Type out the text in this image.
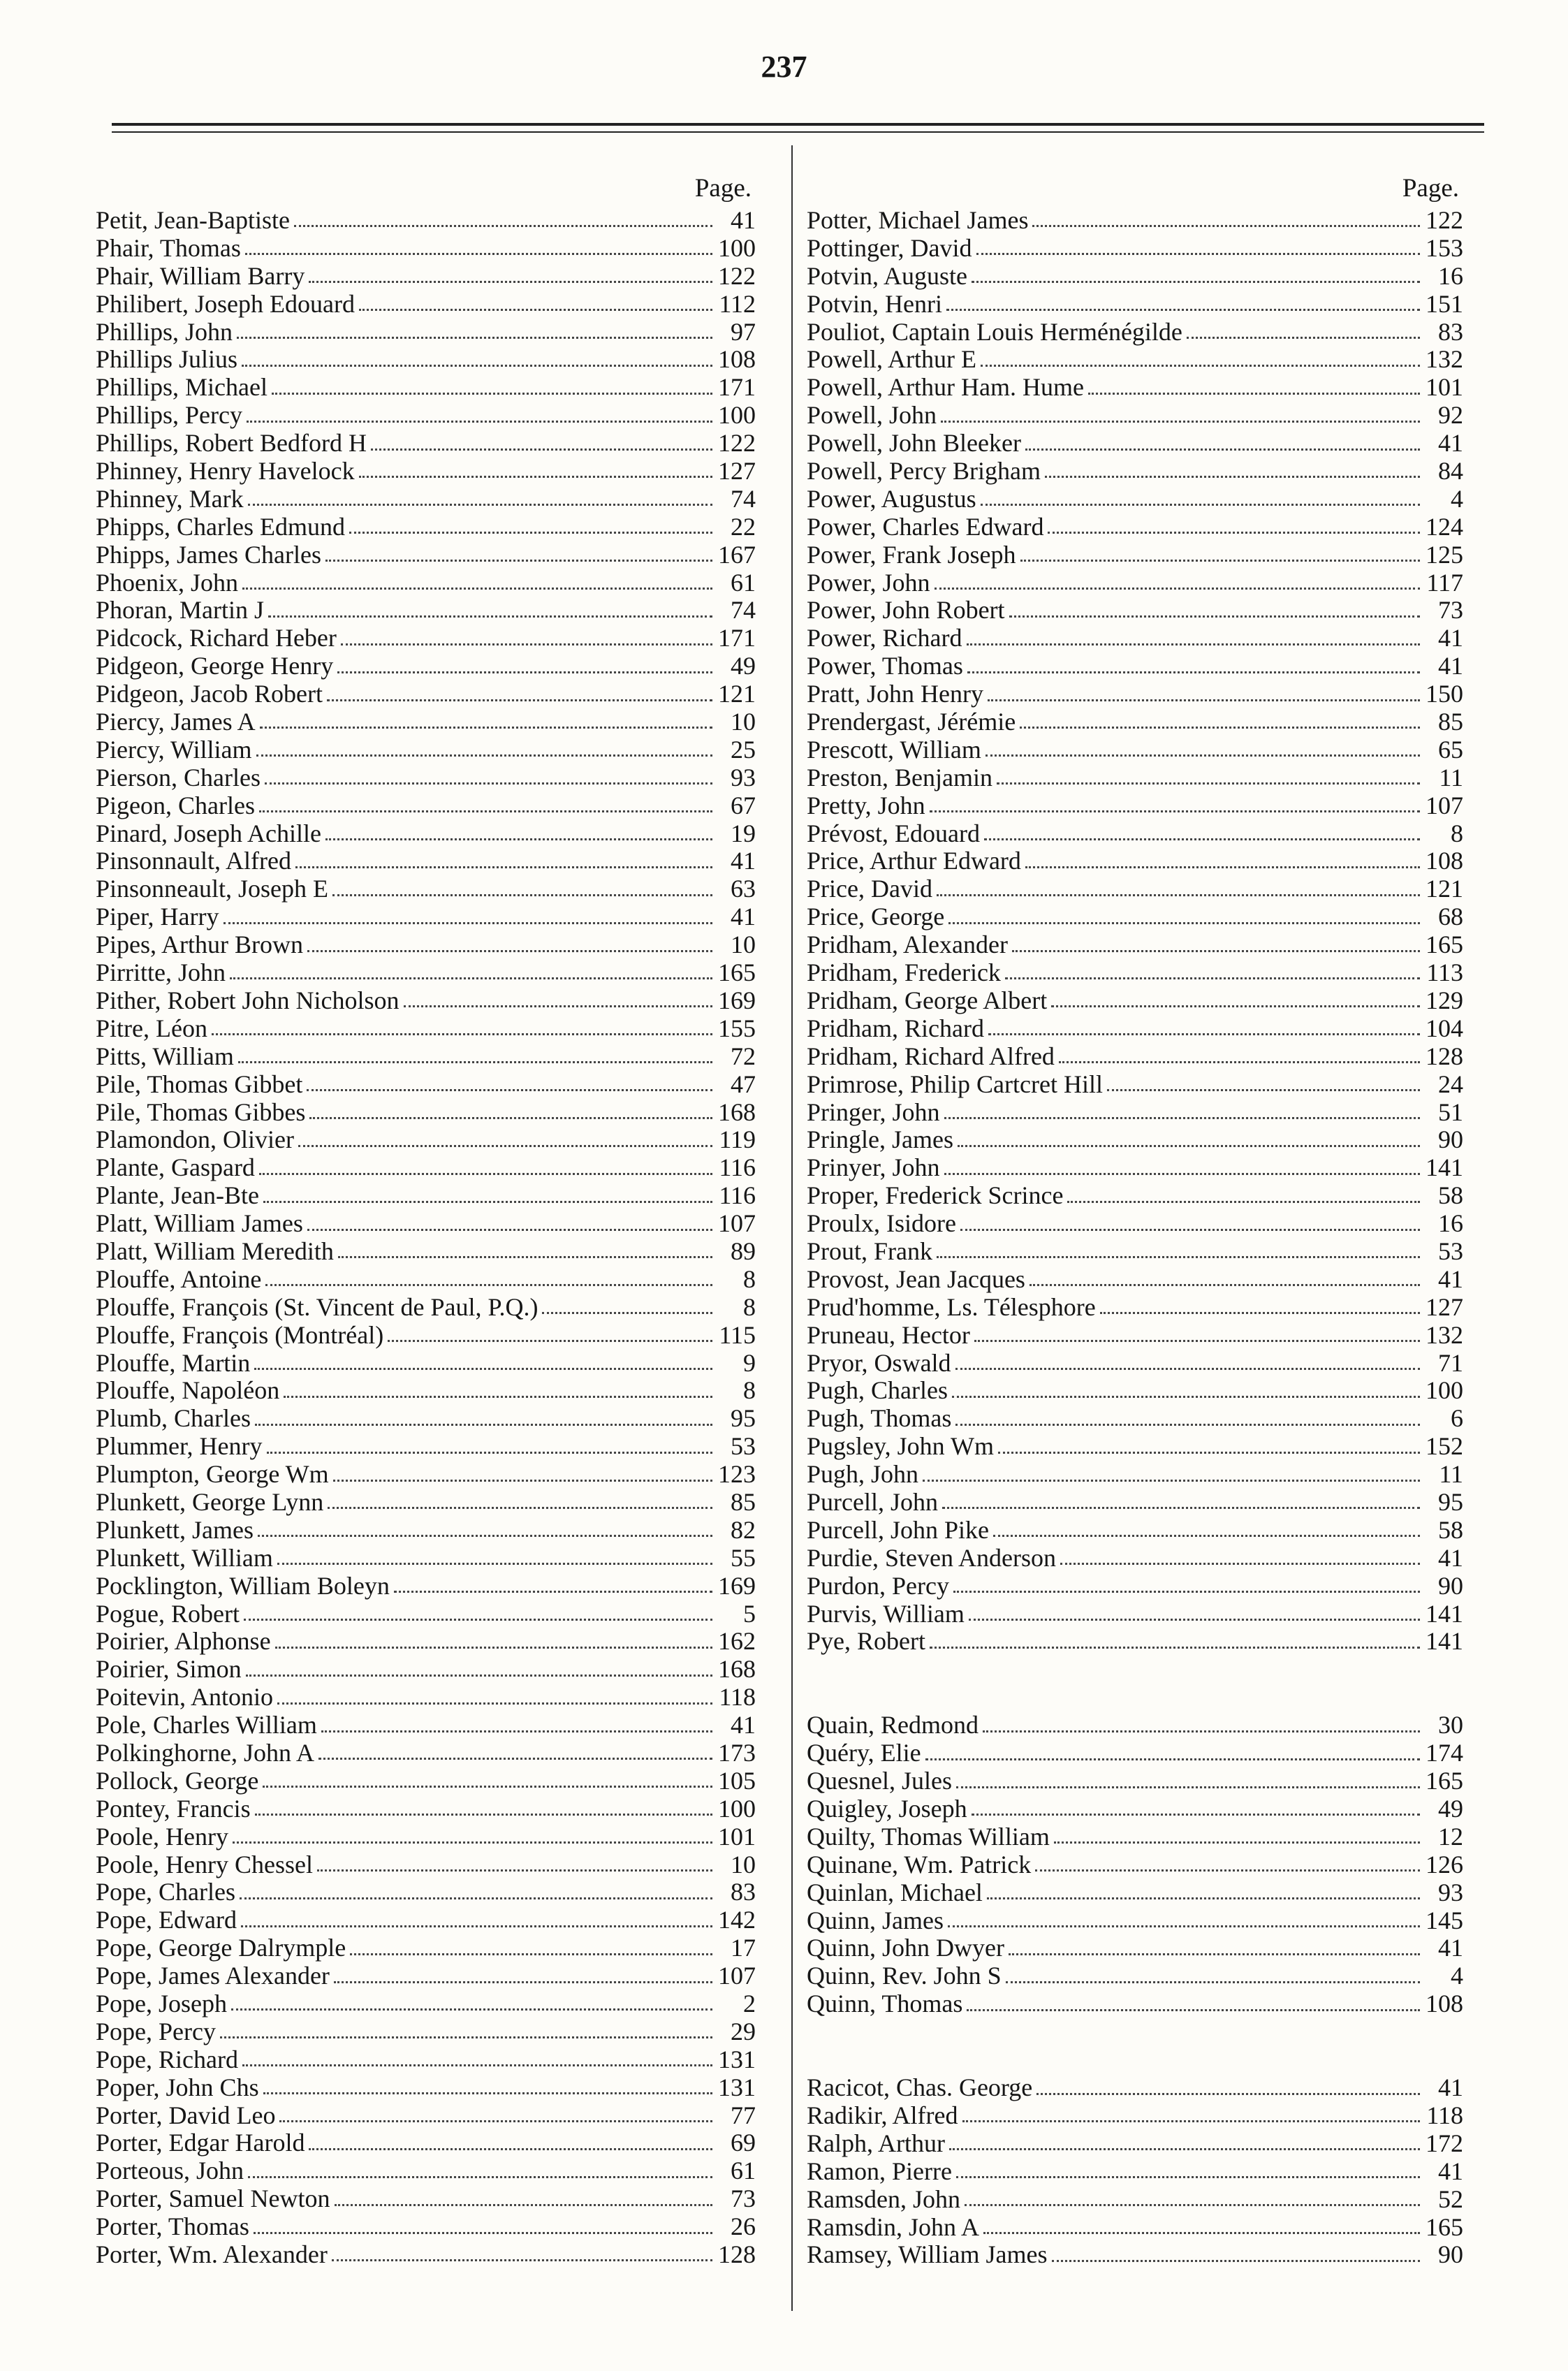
237
Page.
Petit, Jean-Baptiste	41
Phair, Thomas	100
Phair, William Barry	122
Philibert, Joseph Edouard	112
Phillips, John	97
Phillips Julius	108
Phillips, Michael	171
Phillips, Percy	100
Phillips, Robert Bedford H	122
Phinney, Henry Havelock	127
Phinney, Mark	74
Phipps, Charles Edmund	22
Phipps, James Charles	167
Phoenix, John	61
Phoran, Martin J	74
Pidcock, Richard Heber	171
Pidgeon, George Henry	49
Pidgeon, Jacob Robert	121
Piercy, James A	10
Piercy, William	25
Pierson, Charles	93
Pigeon, Charles	67
Pinard, Joseph Achille	19
Pinsonnault, Alfred	41
Pinsonneault, Joseph E	63
Piper, Harry	41
Pipes, Arthur Brown	10
Pirritte, John	165
Pither, Robert John Nicholson	169
Pitre, Léon	155
Pitts, William	72
Pile, Thomas Gibbet	47
Pile, Thomas Gibbes	168
Plamondon, Olivier	119
Plante, Gaspard	116
Plante, Jean-Bte	116
Platt, William James	107
Platt, William Meredith	89
Plouffe, Antoine	8
Plouffe, François (St. Vincent de Paul, P.Q.)	8
Plouffe, François (Montréal)	115
Plouffe, Martin	9
Plouffe, Napoléon	8
Plumb, Charles	95
Plummer, Henry	53
Plumpton, George Wm	123
Plunkett, George Lynn	85
Plunkett, James	82
Plunkett, William	55
Pocklington, William Boleyn	169
Pogue, Robert	5
Poirier, Alphonse	162
Poirier, Simon	168
Poitevin, Antonio	118
Pole, Charles William	41
Polkinghorne, John A	173
Pollock, George	105
Pontey, Francis	100
Poole, Henry	101
Poole, Henry Chessel	10
Pope, Charles	83
Pope, Edward	142
Pope, George Dalrymple	17
Pope, James Alexander	107
Pope, Joseph	2
Pope, Percy	29
Pope, Richard	131
Poper, John Chs	131
Porter, David Leo	77
Porter, Edgar Harold	69
Porteous, John	61
Porter, Samuel Newton	73
Porter, Thomas	26
Porter, Wm. Alexander	128
Page.
Potter, Michael James	122
Pottinger, David	153
Potvin, Auguste	16
Potvin, Henri	151
Pouliot, Captain Louis Herménégilde	83
Powell, Arthur E	132
Powell, Arthur Ham. Hume	101
Powell, John	92
Powell, John Bleeker	41
Powell, Percy Brigham	84
Power, Augustus	4
Power, Charles Edward	124
Power, Frank Joseph	125
Power, John	117
Power, John Robert	73
Power, Richard	41
Power, Thomas	41
Pratt, John Henry	150
Prendergast, Jérémie	85
Prescott, William	65
Preston, Benjamin	11
Pretty, John	107
Prévost, Edouard	8
Price, Arthur Edward	108
Price, David	121
Price, George	68
Pridham, Alexander	165
Pridham, Frederick	113
Pridham, George Albert	129
Pridham, Richard	104
Pridham, Richard Alfred	128
Primrose, Philip Cartcret Hill	24
Pringer, John	51
Pringle, James	90
Prinyer, John	141
Proper, Frederick Scrince	58
Proulx, Isidore	16
Prout, Frank	53
Provost, Jean Jacques	41
Prud'homme, Ls. Télesphore	127
Pruneau, Hector	132
Pryor, Oswald	71
Pugh, Charles	100
Pugh, Thomas	6
Pugsley, John Wm	152
Pugh, John	11
Purcell, John	95
Purcell, John Pike	58
Purdie, Steven Anderson	41
Purdon, Percy	90
Purvis, William	141
Pye, Robert	141
Quain, Redmond	30
Quéry, Elie	174
Quesnel, Jules	165
Quigley, Joseph	49
Quilty, Thomas William	12
Quinane, Wm. Patrick	126
Quinlan, Michael	93
Quinn, James	145
Quinn, John Dwyer	41
Quinn, Rev. John S	4
Quinn, Thomas	108
Racicot, Chas. George	41
Radikir, Alfred	118
Ralph, Arthur	172
Ramon, Pierre	41
Ramsden, John	52
Ramsdin, John A	165
Ramsey, William James	90
